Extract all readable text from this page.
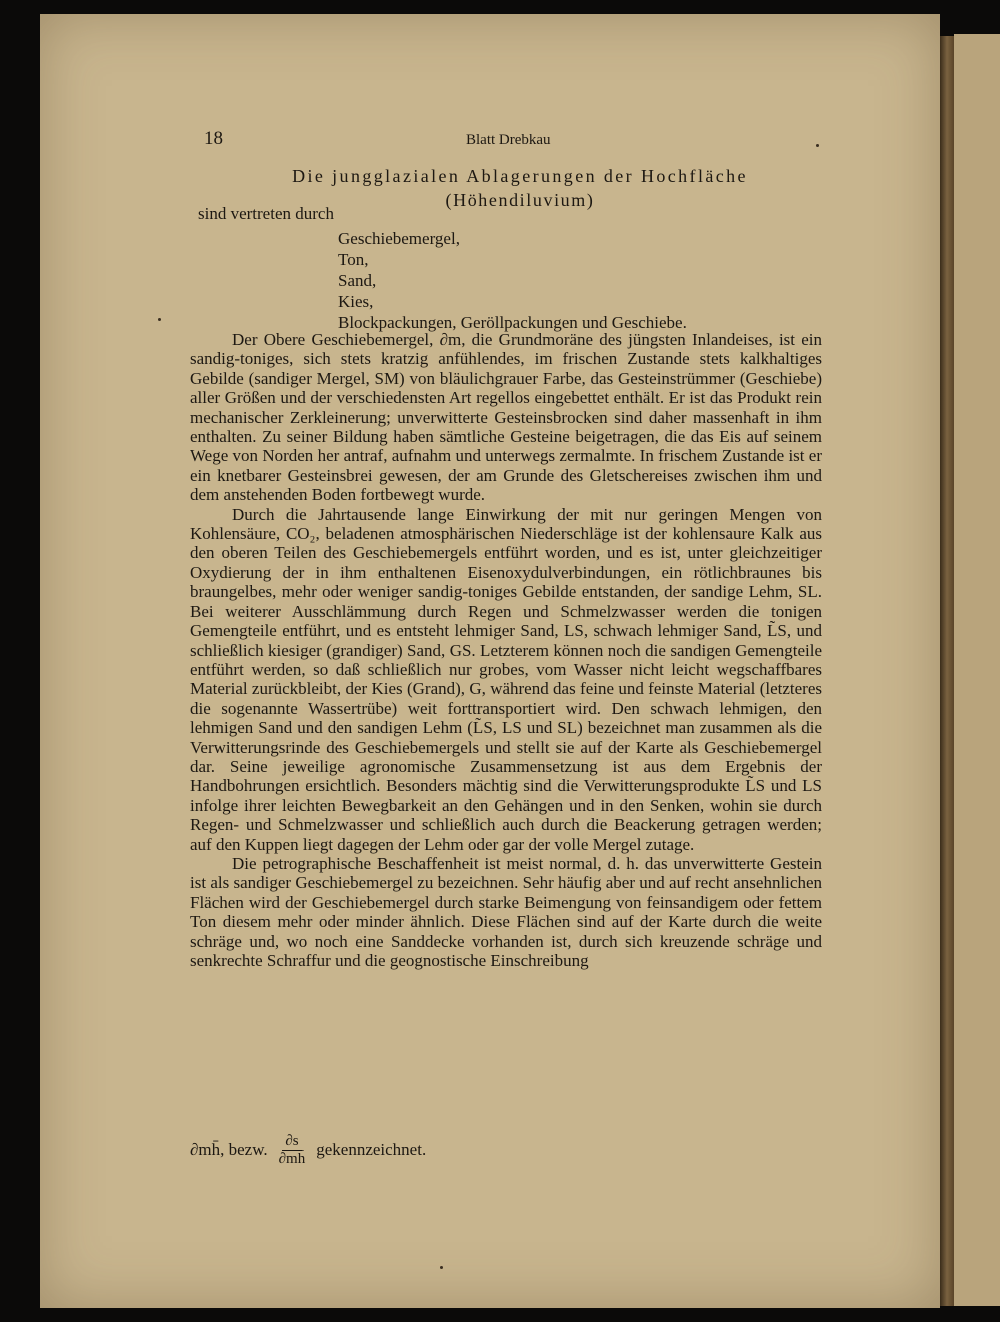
18	Blatt Drebkau
Die jungglazialen Ablagerungen der Hochfläche
(Höhendiluvium)
sind vertreten durch
Geschiebemergel,
Ton,
Sand,
Kies,
Blockpackungen, Geröllpackungen und Geschiebe.

Der Obere Geschiebemergel, ∂m, die Grundmoräne des jüngsten Inlandeises, ist ein sandig-toniges, sich stets kratzig anfühlendes, im frischen Zustande stets kalkhaltiges Gebilde (sandiger Mergel, SM) von bläulichgrauer Farbe, das Gesteinstrümmer (Geschiebe) aller Größen und der verschiedensten Art regellos eingebettet enthält. Er ist das Produkt rein mechanischer Zerkleinerung; unverwitterte Gesteinsbrocken sind daher massenhaft in ihm enthalten. Zu seiner Bildung haben sämtliche Gesteine beigetragen, die das Eis auf seinem Wege von Norden her antraf, aufnahm und unterwegs zermalmte. In frischem Zustande ist er ein knetbarer Gesteinsbrei gewesen, der am Grunde des Gletschereises zwischen ihm und dem anstehenden Boden fortbewegt wurde.

Durch die Jahrtausende lange Einwirkung der mit nur geringen Mengen von Kohlensäure, CO₂, beladenen atmosphärischen Niederschläge ist der kohlensaure Kalk aus den oberen Teilen des Geschiebemergels entführt worden, und es ist, unter gleichzeitiger Oxydierung der in ihm enthaltenen Eisenoxydulverbindungen, ein rötlichbraunes bis braungelbes, mehr oder weniger sandig-toniges Gebilde entstanden, der sandige Lehm, SL. Bei weiterer Ausschlämmung durch Regen und Schmelzwasser werden die tonigen Gemengteile entführt, und es entsteht lehmiger Sand, LS, schwach lehmiger Sand, L̃S, und schließlich kiesiger (grandiger) Sand, GS. Letzterem können noch die sandigen Gemengteile entführt werden, so daß schließlich nur grobes, vom Wasser nicht leicht wegschaffbares Material zurückbleibt, der Kies (Grand), G, während das feine und feinste Material (letzteres die sogenannte Wassertrübe) weit forttransportiert wird. Den schwach lehmigen, den lehmigen Sand und den sandigen Lehm (L̃S, LS und SL) bezeichnet man zusammen als die Verwitterungsrinde des Geschiebemergels und stellt sie auf der Karte als Geschiebemergel dar. Seine jeweilige agronomische Zusammensetzung ist aus dem Ergebnis der Handbohrungen ersichtlich. Besonders mächtig sind die Verwitterungsprodukte L̃S und LS infolge ihrer leichten Bewegbarkeit an den Gehängen und in den Senken, wohin sie durch Regen- und Schmelzwasser und schließlich auch durch die Beackerung getragen werden; auf den Kuppen liegt dagegen der Lehm oder gar der volle Mergel zutage.

Die petrographische Beschaffenheit ist meist normal, d. h. das unverwitterte Gestein ist als sandiger Geschiebemergel zu bezeichnen. Sehr häufig aber und auf recht ansehnlichen Flächen wird der Geschiebemergel durch starke Beimengung von feinsandigem oder fettem Ton diesem mehr oder minder ähnlich. Diese Flächen sind auf der Karte durch die weite schräge und, wo noch eine Sanddecke vorhanden ist, durch sich kreuzende schräge und senkrechte Schraffur und die geognostische Einschreibung

∂mh̄, bezw. $\frac{\partial s}{\partial mh̄}$ gekennzeichnet.
